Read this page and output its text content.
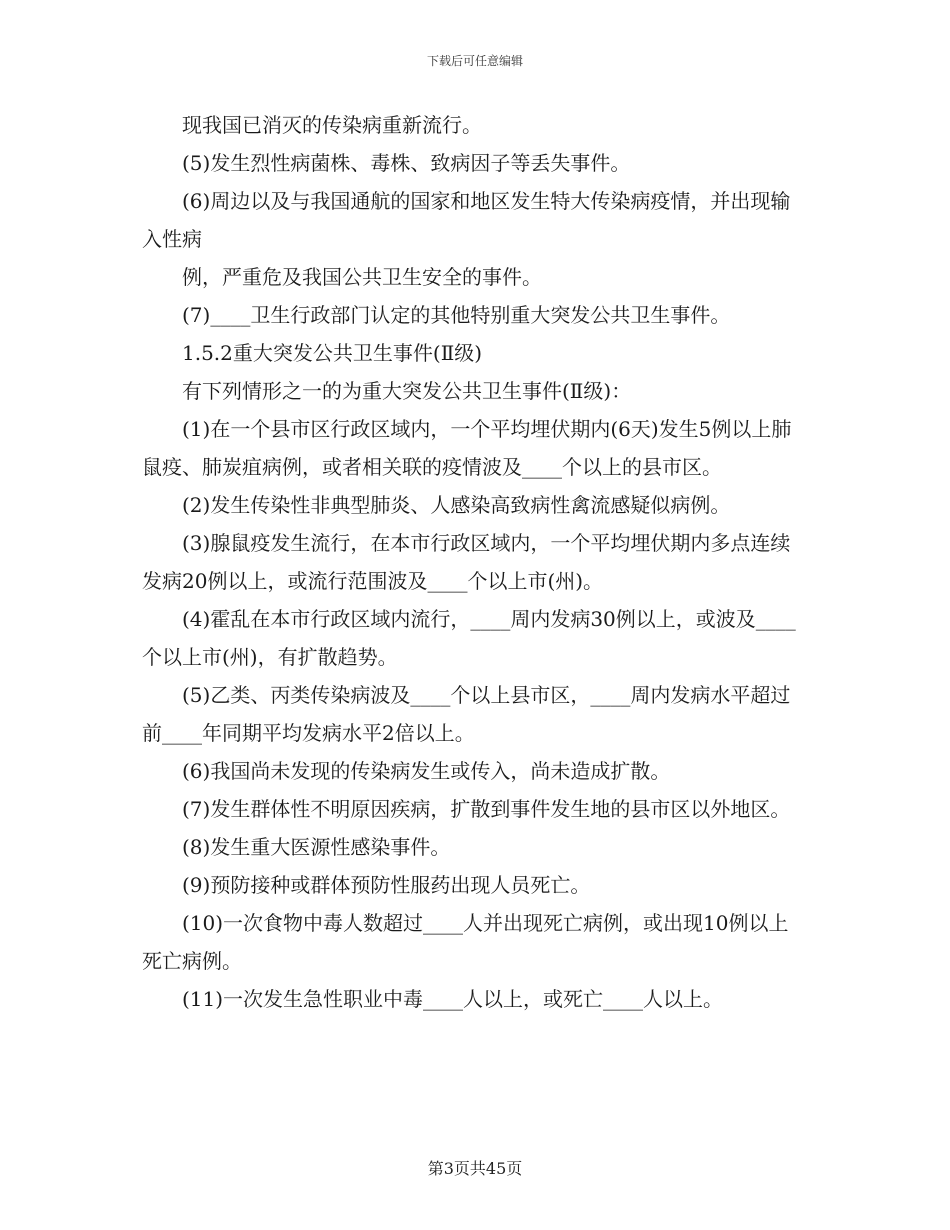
下载后可任意编辑

现我国已消灭的传染病重新流行。

(5)发生烈性病菌株、毒株、致病因子等丢失事件。

(6)周边以及与我国通航的国家和地区发生特大传染病疫情，并出现输入性病

例，严重危及我国公共卫生安全的事件。

(7)____卫生行政部门认定的其他特别重大突发公共卫生事件。

1.5.2重大突发公共卫生事件(Ⅱ级)

有下列情形之一的为重大突发公共卫生事件(Ⅱ级)：

(1)在一个县市区行政区域内，一个平均埋伏期内(6天)发生5例以上肺鼠疫、肺炭疽病例，或者相关联的疫情波及____个以上的县市区。

(2)发生传染性非典型肺炎、人感染高致病性禽流感疑似病例。

(3)腺鼠疫发生流行，在本市行政区域内，一个平均埋伏期内多点连续发病20例以上，或流行范围波及____个以上市(州)。

(4)霍乱在本市行政区域内流行，____周内发病30例以上，或波及____个以上市(州)，有扩散趋势。

(5)乙类、丙类传染病波及____个以上县市区，____周内发病水平超过前____年同期平均发病水平2倍以上。

(6)我国尚未发现的传染病发生或传入，尚未造成扩散。

(7)发生群体性不明原因疾病，扩散到事件发生地的县市区以外地区。

(8)发生重大医源性感染事件。

(9)预防接种或群体预防性服药出现人员死亡。

(10)一次食物中毒人数超过____人并出现死亡病例，或出现10例以上死亡病例。

(11)一次发生急性职业中毒____人以上，或死亡____人以上。

第3页共45页
